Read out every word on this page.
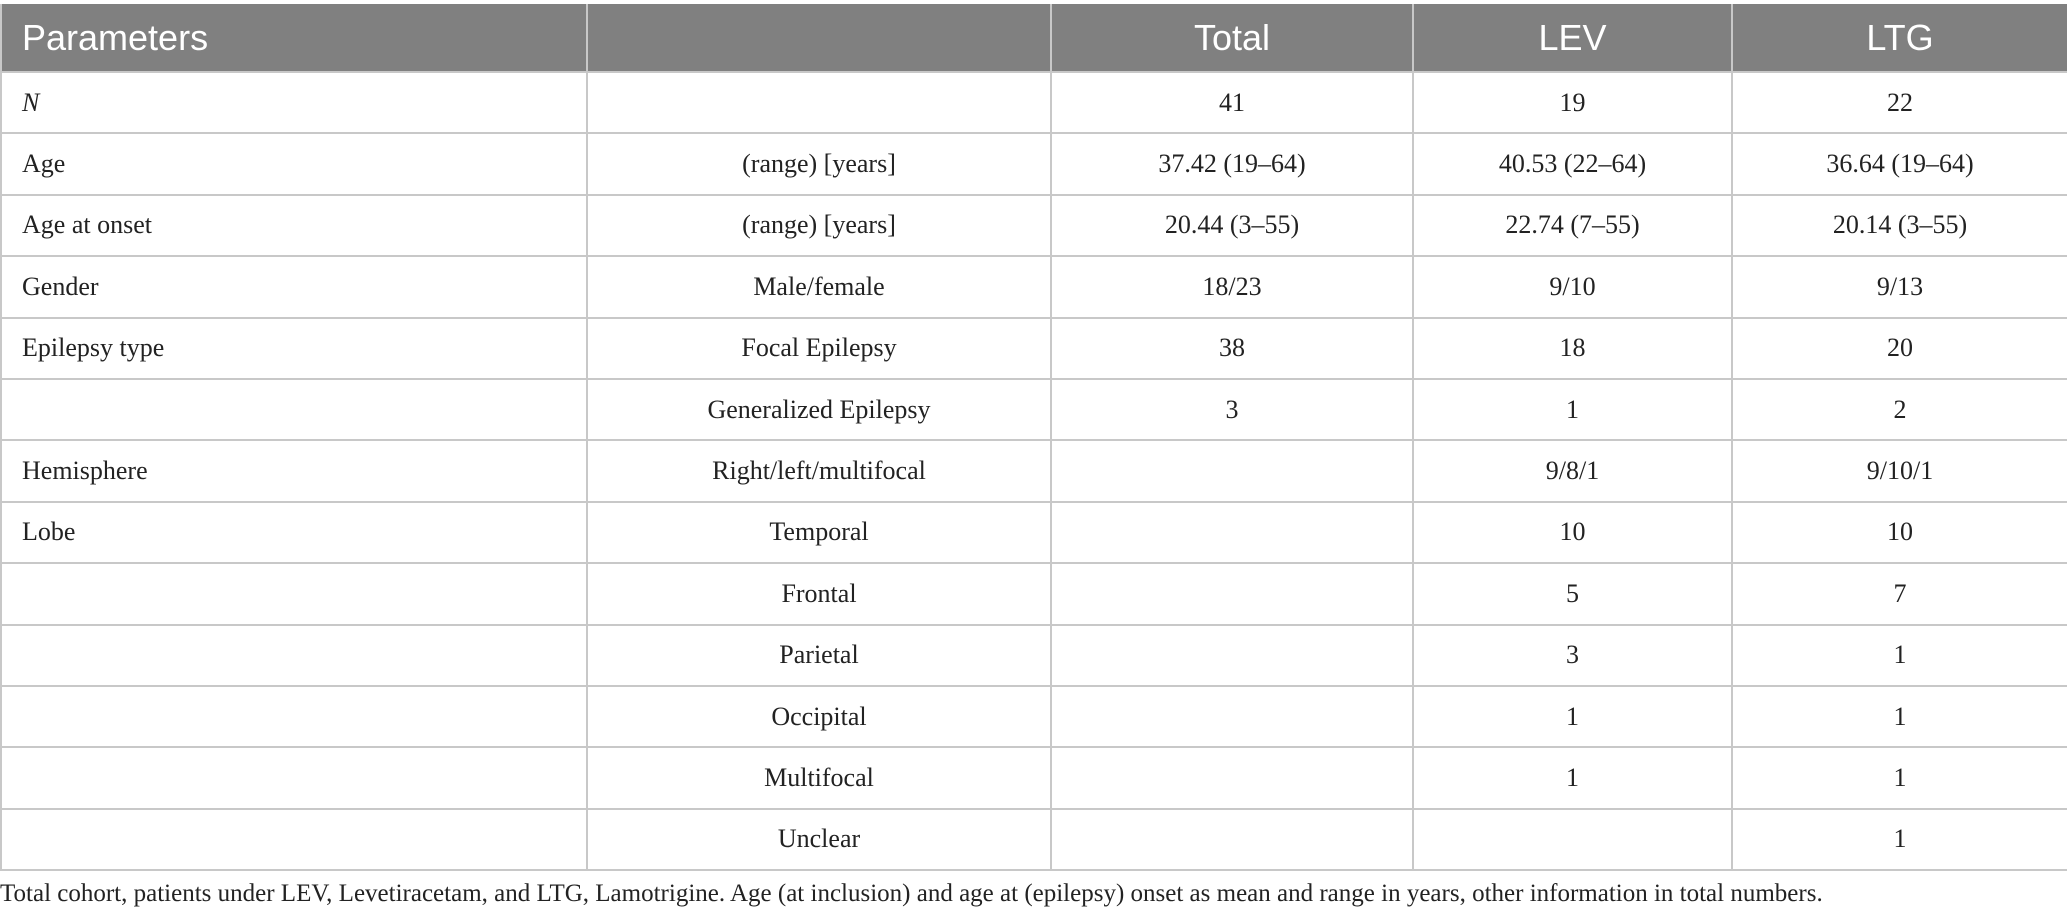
Parameters		Total	LEV	LTG
N		41	19	22
Age	(range) [years]	37.42 (19–64)	40.53 (22–64)	36.64 (19–64)
Age at onset	(range) [years]	20.44 (3–55)	22.74 (7–55)	20.14 (3–55)
Gender	Male/female	18/23	9/10	9/13
Epilepsy type	Focal Epilepsy	38	18	20
	Generalized Epilepsy	3	1	2
Hemisphere	Right/left/multifocal		9/8/1	9/10/1
Lobe	Temporal		10	10
	Frontal		5	7
	Parietal		3	1
	Occipital		1	1
	Multifocal		1	1
	Unclear			1
Total cohort, patients under LEV, Levetiracetam, and LTG, Lamotrigine. Age (at inclusion) and age at (epilepsy) onset as mean and range in years, other information in total numbers.
